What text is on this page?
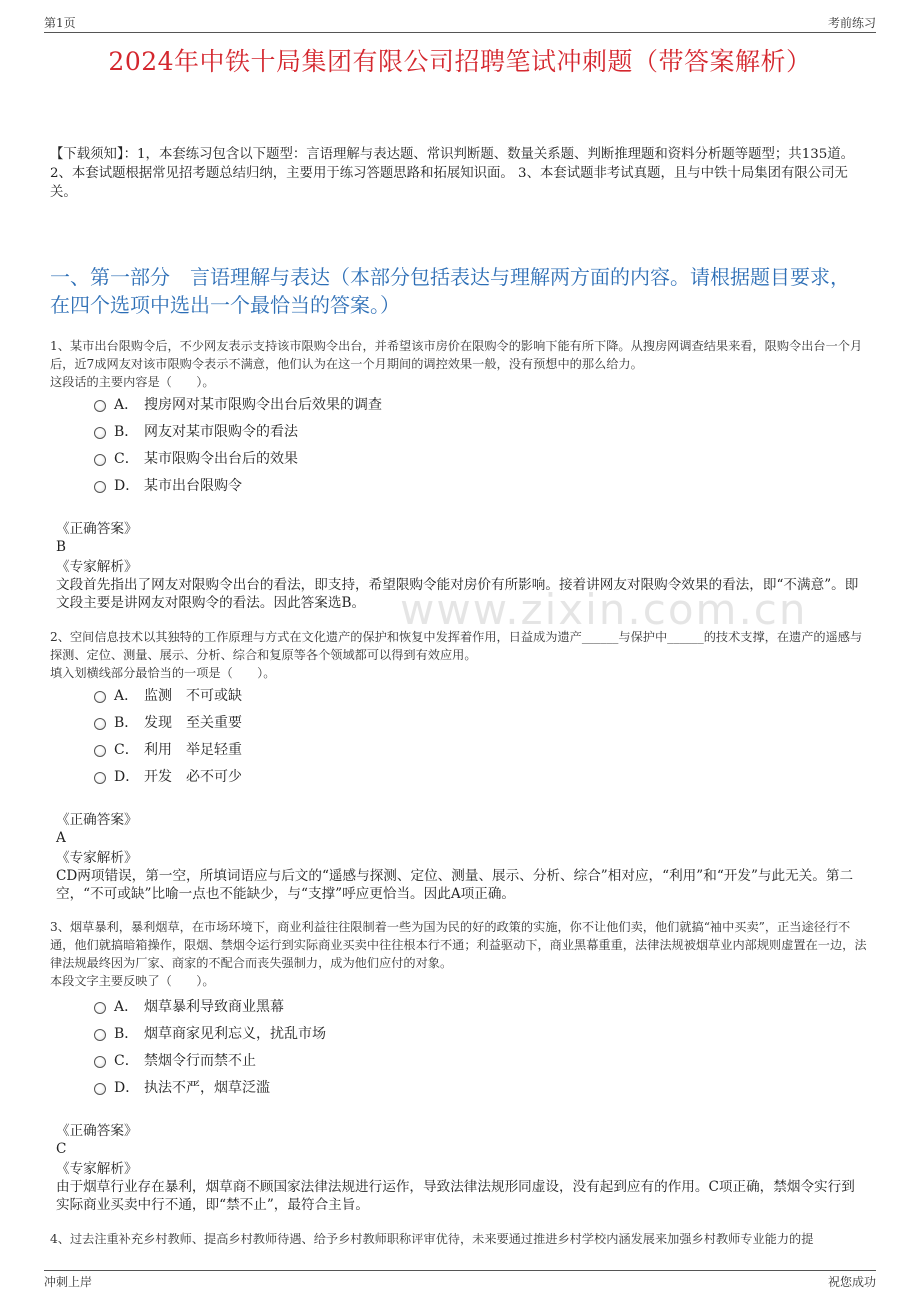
第1页	考前练习
2024年中铁十局集团有限公司招聘笔试冲刺题（带答案解析）
【下载须知】：1，本套练习包含以下题型：言语理解与表达题、常识判断题、数量关系题、判断推理题和资料分析题等题型；共135道。 2、本套试题根据常见招考题总结归纳，主要用于练习答题思路和拓展知识面。 3、本套试题非考试真题，且与中铁十局集团有限公司无关。
一、第一部分　言语理解与表达（本部分包括表达与理解两方面的内容。请根据题目要求，在四个选项中选出一个最恰当的答案。）
www.zixin.com.cn
1、某市出台限购令后，不少网友表示支持该市限购令出台，并希望该市房价在限购令的影响下能有所下降。从搜房网调查结果来看，限购令出台一个月后，近7成网友对该市限购令表示不满意，他们认为在这一个月期间的调控效果一般，没有预想中的那么给力。
这段话的主要内容是（　　）。
A． 搜房网对某市限购令出台后效果的调查
B． 网友对某市限购令的看法
C． 某市限购令出台后的效果
D． 某市出台限购令
《正确答案》
B
《专家解析》
文段首先指出了网友对限购令出台的看法，即支持，希望限购令能对房价有所影响。接着讲网友对限购令效果的看法，即“不满意”。即文段主要是讲网友对限购令的看法。因此答案选B。
2、空间信息技术以其独特的工作原理与方式在文化遗产的保护和恢复中发挥着作用，日益成为遗产______与保护中______的技术支撑，在遗产的遥感与探测、定位、测量、展示、分析、综合和复原等各个领域都可以得到有效应用。
填入划横线部分最恰当的一项是（　　）。
A． 监测　不可或缺
B． 发现　至关重要
C． 利用　举足轻重
D． 开发　必不可少
《正确答案》
A
《专家解析》
CD两项错误，第一空，所填词语应与后文的“遥感与探测、定位、测量、展示、分析、综合”相对应，“利用”和“开发”与此无关。第二空，“不可或缺”比喻一点也不能缺少，与“支撑”呼应更恰当。因此A项正确。
3、烟草暴利，暴利烟草，在市场环境下，商业利益往往限制着一些为国为民的好的政策的实施，你不让他们卖，他们就搞“袖中买卖”，正当途径行不通，他们就搞暗箱操作，限烟、禁烟令运行到实际商业买卖中往往根本行不通；利益驱动下，商业黑幕重重，法律法规被烟草业内部规则虚置在一边，法律法规最终因为厂家、商家的不配合而丧失强制力，成为他们应付的对象。
本段文字主要反映了（　　）。
A． 烟草暴利导致商业黑幕
B． 烟草商家见利忘义，扰乱市场
C． 禁烟令行而禁不止
D． 执法不严，烟草泛滥
《正确答案》
C
《专家解析》
由于烟草行业存在暴利，烟草商不顾国家法律法规进行运作，导致法律法规形同虚设，没有起到应有的作用。C项正确，禁烟令实行到实际商业买卖中行不通，即“禁不止”，最符合主旨。
4、过去注重补充乡村教师、提高乡村教师待遇、给予乡村教师职称评审优待，未来要通过推进乡村学校内涵发展来加强乡村教师专业能力的提
冲刺上岸	祝您成功
